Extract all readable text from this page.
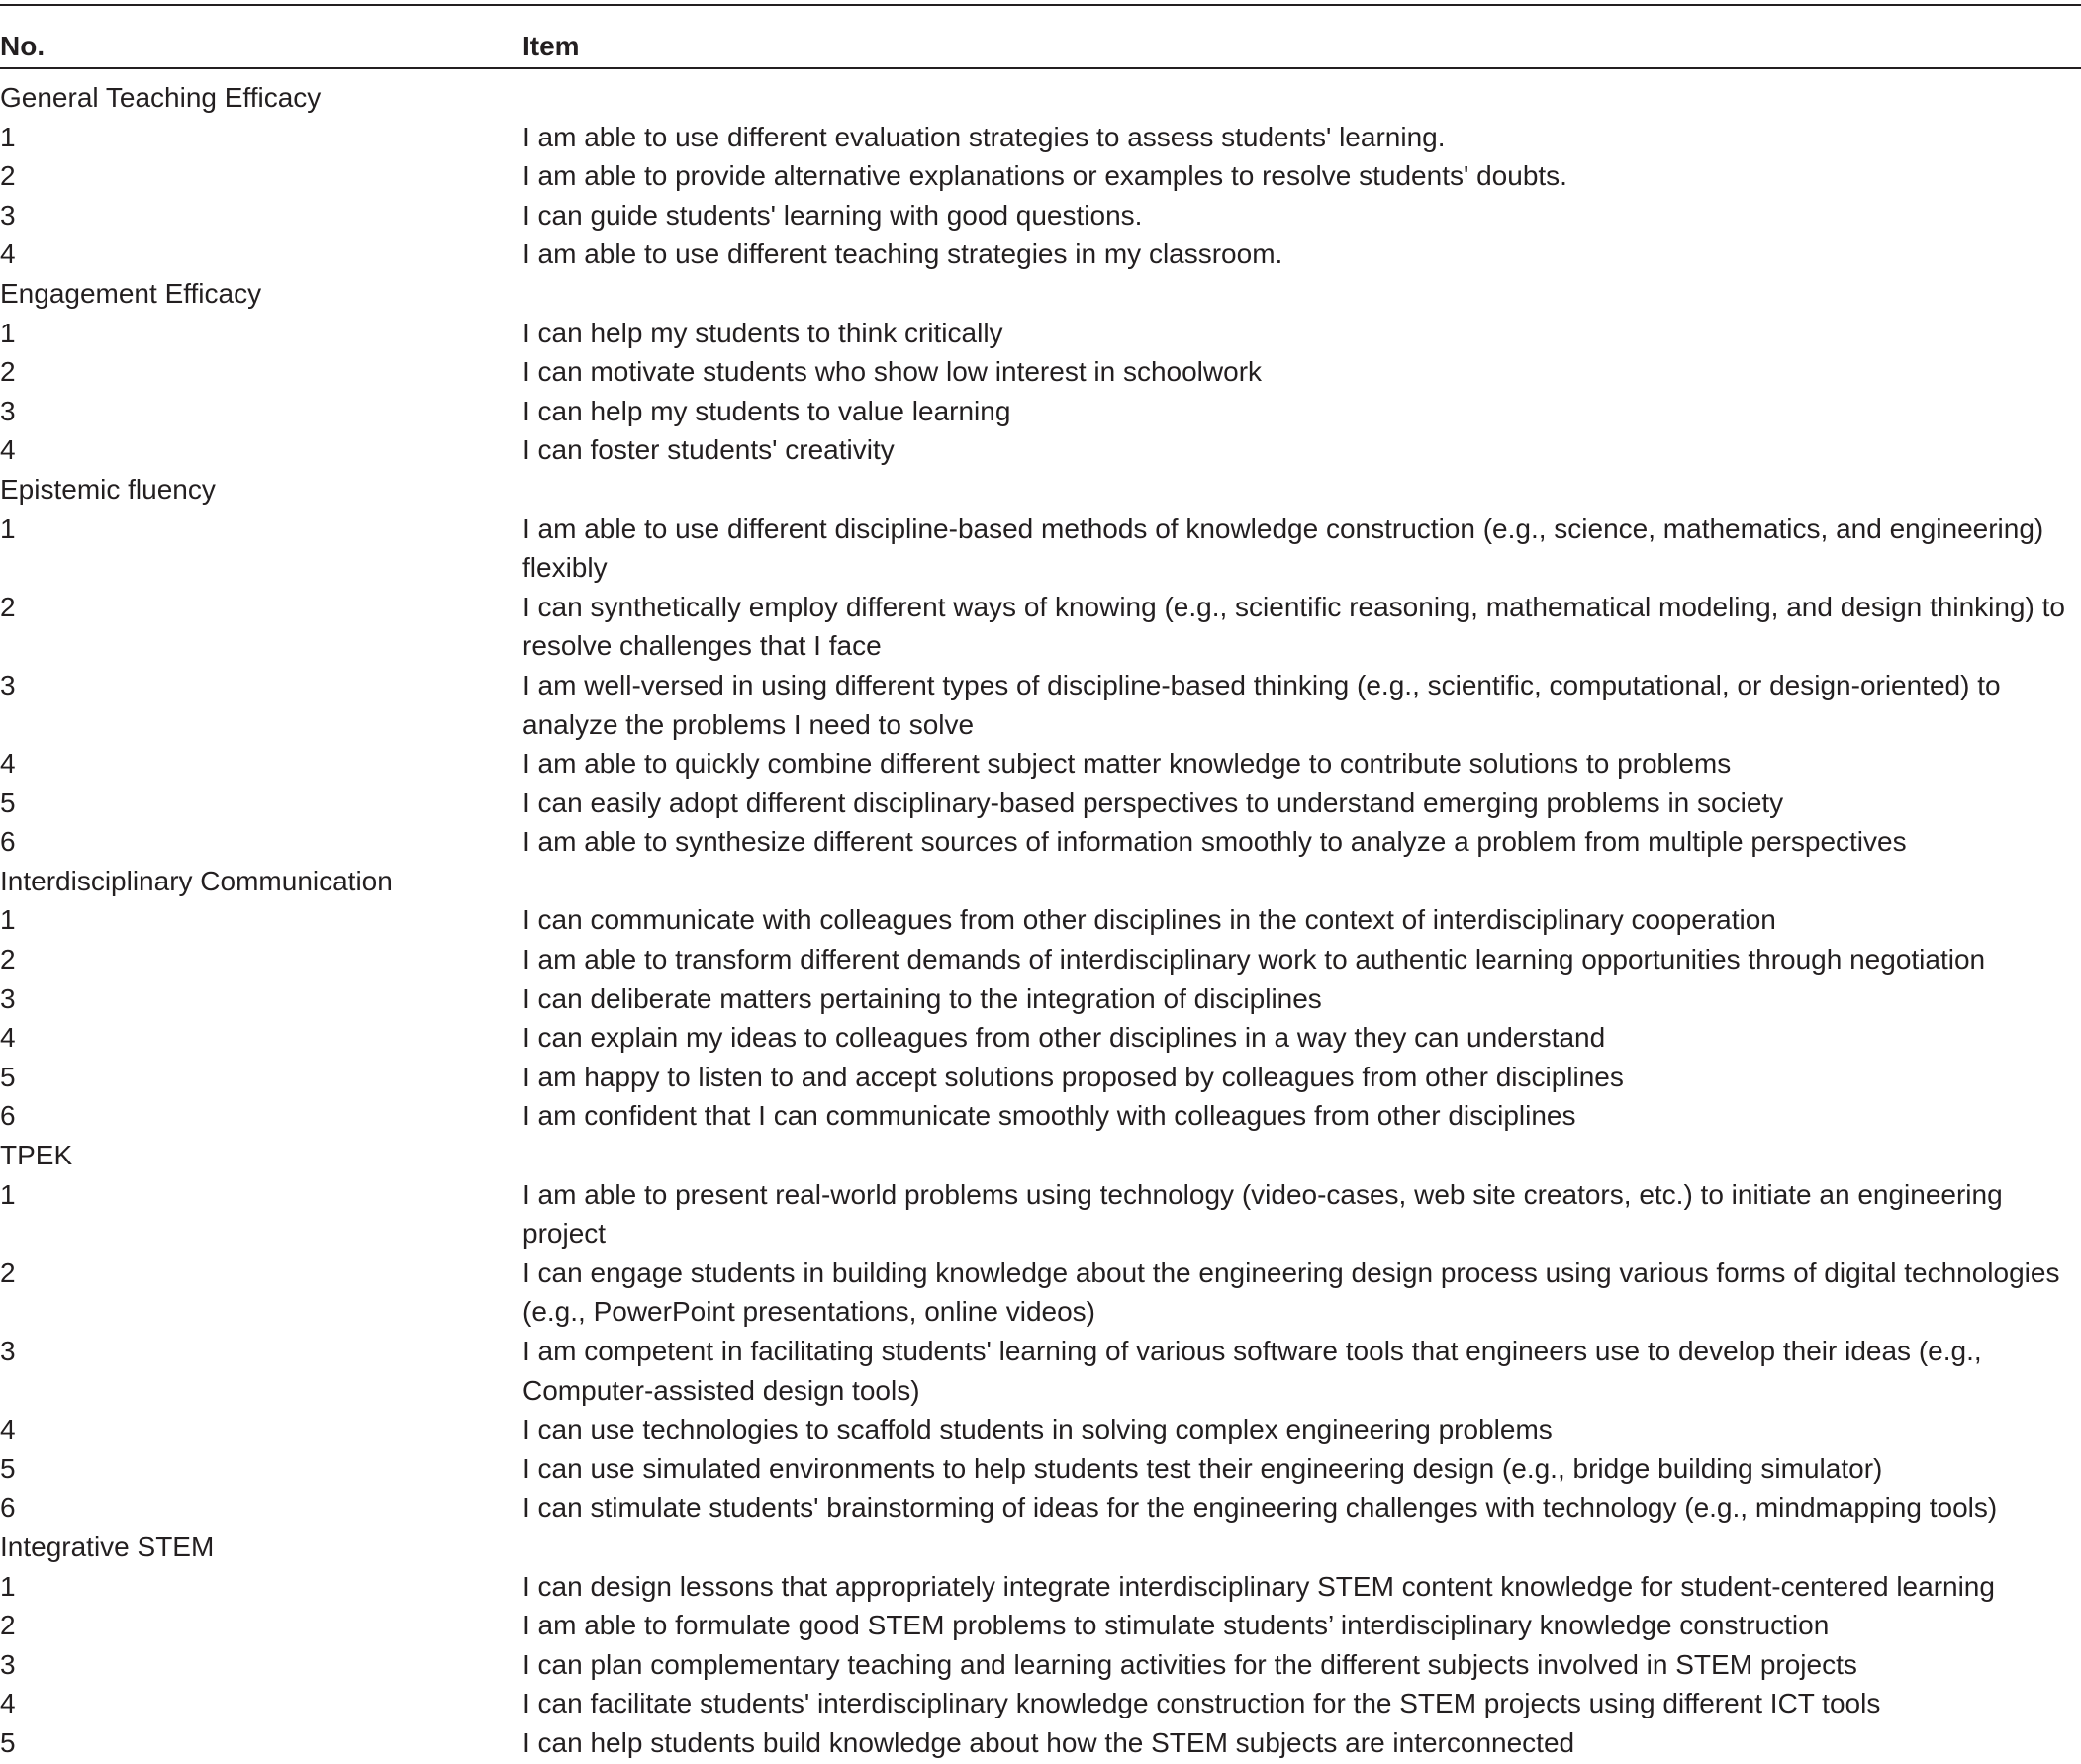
No.	Item
General Teaching Efficacy
1	I am able to use different evaluation strategies to assess students' learning.
2	I am able to provide alternative explanations or examples to resolve students' doubts.
3	I can guide students' learning with good questions.
4	I am able to use different teaching strategies in my classroom.
Engagement Efficacy
1	I can help my students to think critically
2	I can motivate students who show low interest in schoolwork
3	I can help my students to value learning
4	I can foster students' creativity
Epistemic fluency
1	I am able to use different discipline-based methods of knowledge construction (e.g., science, mathematics, and engineering) flexibly
2	I can synthetically employ different ways of knowing (e.g., scientific reasoning, mathematical modeling, and design thinking) to resolve challenges that I face
3	I am well-versed in using different types of discipline-based thinking (e.g., scientific, computational, or design-oriented) to analyze the problems I need to solve
4	I am able to quickly combine different subject matter knowledge to contribute solutions to problems
5	I can easily adopt different disciplinary-based perspectives to understand emerging problems in society
6	I am able to synthesize different sources of information smoothly to analyze a problem from multiple perspectives
Interdisciplinary Communication
1	I can communicate with colleagues from other disciplines in the context of interdisciplinary cooperation
2	I am able to transform different demands of interdisciplinary work to authentic learning opportunities through negotiation
3	I can deliberate matters pertaining to the integration of disciplines
4	I can explain my ideas to colleagues from other disciplines in a way they can understand
5	I am happy to listen to and accept solutions proposed by colleagues from other disciplines
6	I am confident that I can communicate smoothly with colleagues from other disciplines
TPEK
1	I am able to present real-world problems using technology (video-cases, web site creators, etc.) to initiate an engineering project
2	I can engage students in building knowledge about the engineering design process using various forms of digital technologies (e.g., PowerPoint presentations, online videos)
3	I am competent in facilitating students' learning of various software tools that engineers use to develop their ideas (e.g., Computer-assisted design tools)
4	I can use technologies to scaffold students in solving complex engineering problems
5	I can use simulated environments to help students test their engineering design (e.g., bridge building simulator)
6	I can stimulate students' brainstorming of ideas for the engineering challenges with technology (e.g., mindmapping tools)
Integrative STEM
1	I can design lessons that appropriately integrate interdisciplinary STEM content knowledge for student-centered learning
2	I am able to formulate good STEM problems to stimulate students’ interdisciplinary knowledge construction
3	I can plan complementary teaching and learning activities for the different subjects involved in STEM projects
4	I can facilitate students' interdisciplinary knowledge construction for the STEM projects using different ICT tools
5	I can help students build knowledge about how the STEM subjects are interconnected
